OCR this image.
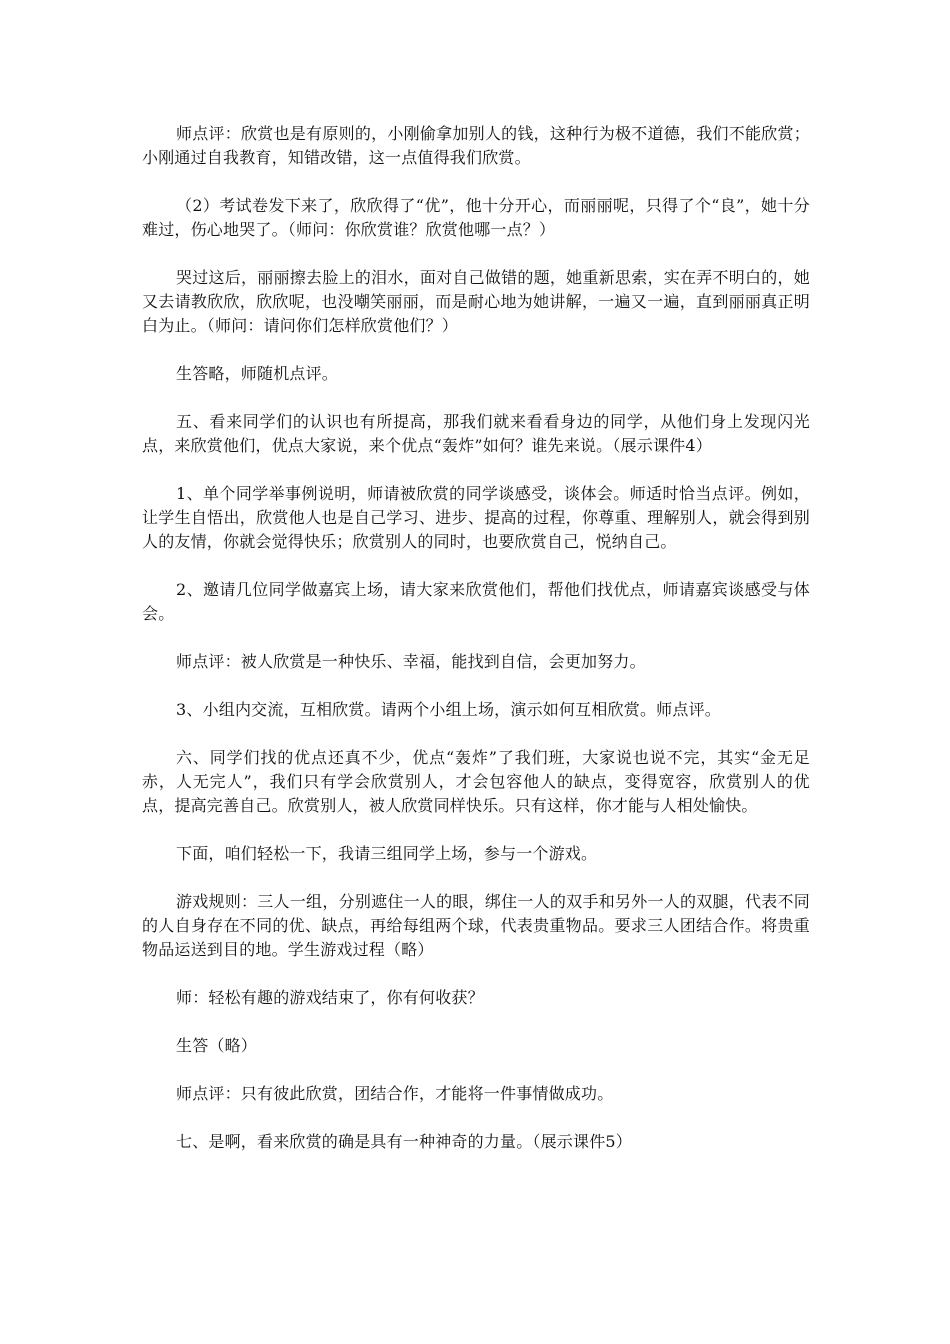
师点评：欣赏也是有原则的，小刚偷拿加别人的钱，这种行为极不道德，我们不能欣赏；小刚通过自我教育，知错改错，这一点值得我们欣赏。

（2）考试卷发下来了，欣欣得了“优”，他十分开心，而丽丽呢，只得了个“良”，她十分难过，伤心地哭了。（师问：你欣赏谁？欣赏他哪一点？）

哭过这后，丽丽擦去脸上的泪水，面对自己做错的题，她重新思索，实在弄不明白的，她又去请教欣欣，欣欣呢，也没嘲笑丽丽，而是耐心地为她讲解，一遍又一遍，直到丽丽真正明白为止。（师问：请问你们怎样欣赏他们？）

生答略，师随机点评。

五、看来同学们的认识也有所提高，那我们就来看看身边的同学，从他们身上发现闪光点，来欣赏他们，优点大家说，来个优点“轰炸”如何？谁先来说。（展示课件4）

1、单个同学举事例说明，师请被欣赏的同学谈感受，谈体会。师适时恰当点评。例如，让学生自悟出，欣赏他人也是自己学习、进步、提高的过程，你尊重、理解别人，就会得到别人的友情，你就会觉得快乐；欣赏别人的同时，也要欣赏自己，悦纳自己。

2、邀请几位同学做嘉宾上场，请大家来欣赏他们，帮他们找优点，师请嘉宾谈感受与体会。

师点评：被人欣赏是一种快乐、幸福，能找到自信，会更加努力。

3、小组内交流，互相欣赏。请两个小组上场，演示如何互相欣赏。师点评。

六、同学们找的优点还真不少，优点“轰炸”了我们班，大家说也说不完，其实“金无足赤，人无完人”，我们只有学会欣赏别人，才会包容他人的缺点，变得宽容，欣赏别人的优点，提高完善自己。欣赏别人，被人欣赏同样快乐。只有这样，你才能与人相处愉快。

下面，咱们轻松一下，我请三组同学上场，参与一个游戏。

游戏规则：三人一组，分别遮住一人的眼，绑住一人的双手和另外一人的双腿，代表不同的人自身存在不同的优、缺点，再给每组两个球，代表贵重物品。要求三人团结合作。将贵重物品运送到目的地。学生游戏过程（略）

师：轻松有趣的游戏结束了，你有何收获？

生答（略）

师点评：只有彼此欣赏，团结合作，才能将一件事情做成功。

七、是啊，看来欣赏的确是具有一种神奇的力量。（展示课件5）
